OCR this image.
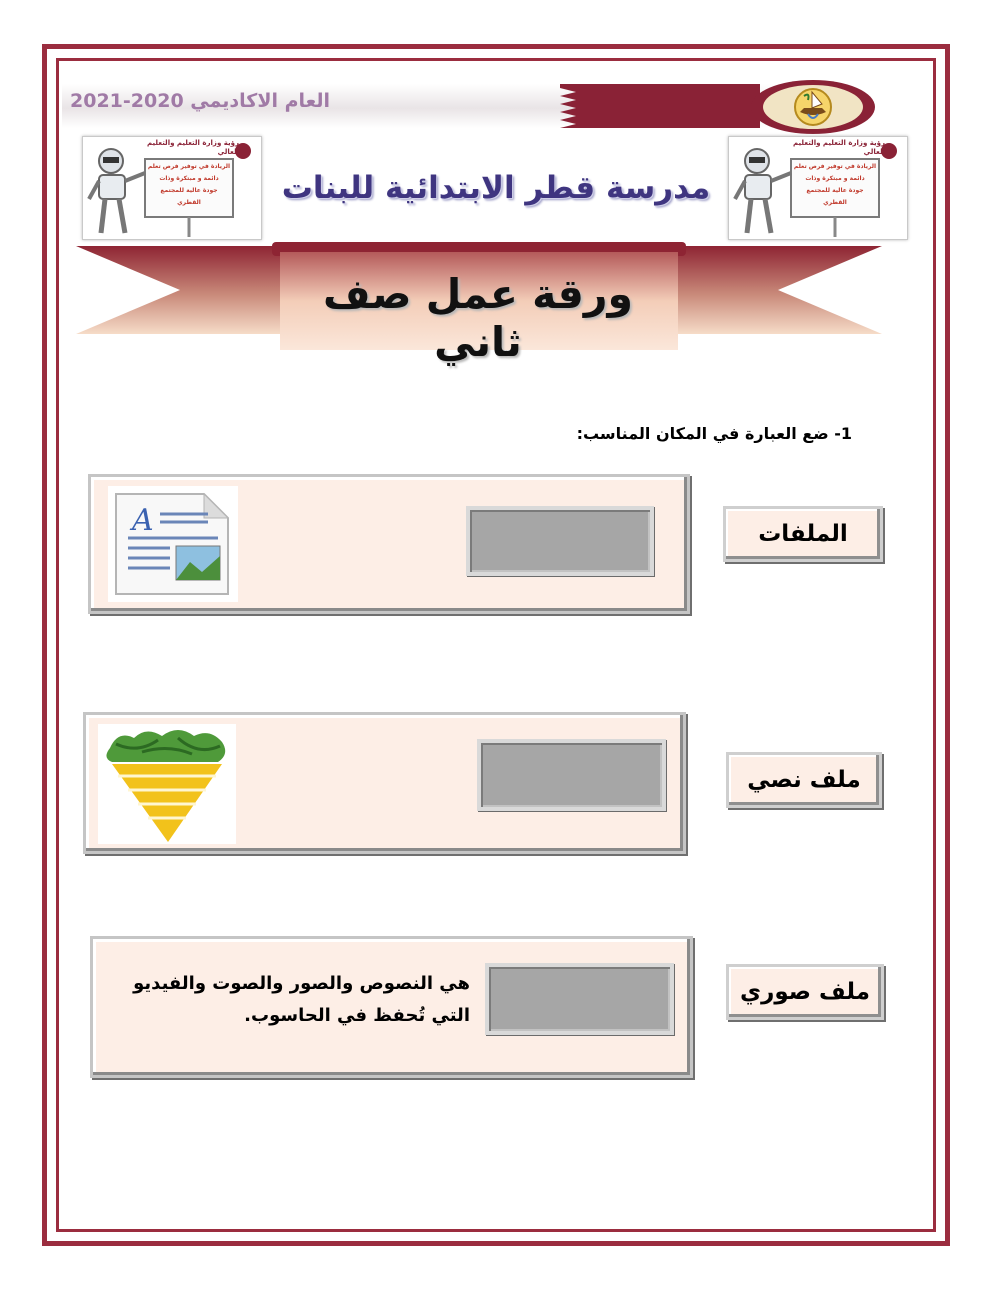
العام الاكاديمي 2020-2021
رؤية وزارة التعليم والتعليم العالي
الريادة في توفير فرص تعلم
دائمة و مبتكرة وذات
جودة عالية للمجتمع
القطري
رؤية وزارة التعليم والتعليم العالي
الريادة في توفير فرص تعلم
دائمة و مبتكرة وذات
جودة عالية للمجتمع
القطري
مدرسة قطر الابتدائية للبنات
ورقة عمل صف ثاني
1- ضع العبارة في المكان المناسب:
A	الملفات
ملف نصي
هي النصوص والصور والصوت والفيديو
التي تُحفظ في الحاسوب.
ملف صوري
